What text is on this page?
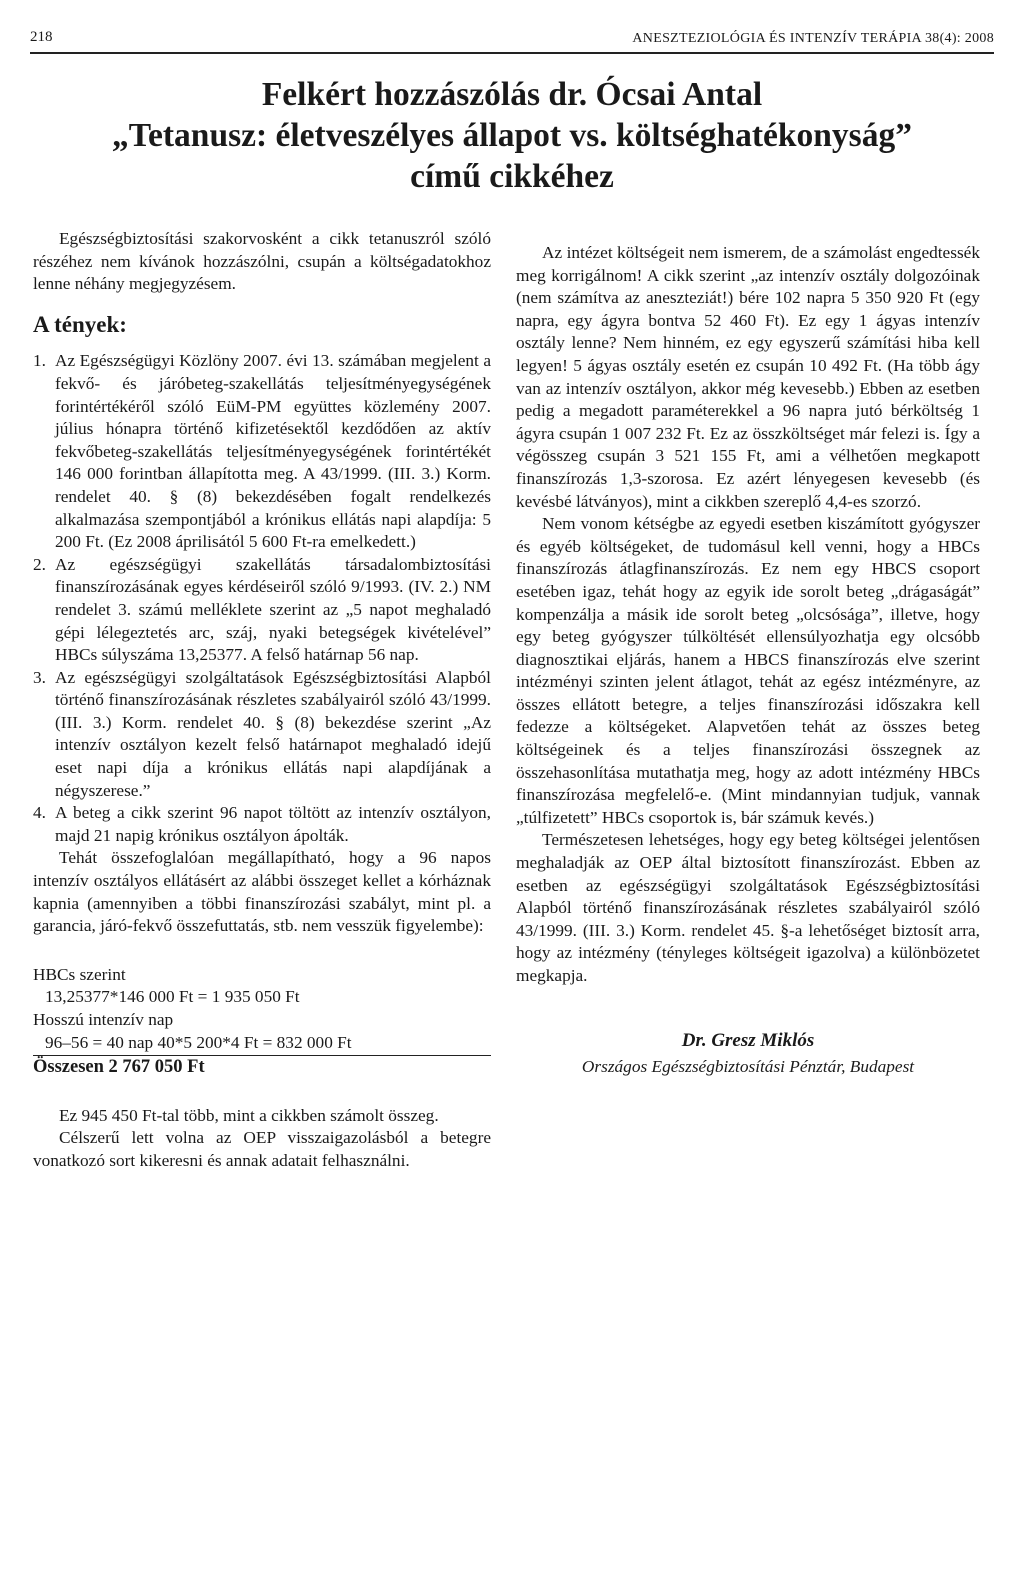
218	ANESZTEZIOLÓGIA ÉS INTENZÍV TERÁPIA 38(4): 2008
Felkért hozzászólás dr. Ócsai Antal
„Tetanusz: életveszélyes állapot vs. költséghatékonyság”
című cikkéhez

Egészségbiztosítási szakorvosként a cikk tetanuszról szóló részéhez nem kívánok hozzászólni, csupán a költségadatokhoz lenne néhány megjegyzésem.

A tények:
1. Az Egészségügyi Közlöny 2007. évi 13. számában megjelent a fekvő- és járóbeteg-szakellátás teljesítményegységének forintértékéről szóló EüM-PM együttes közlemény 2007. július hónapra történő kifizetésektől kezdődően az aktív fekvőbeteg-szakellátás teljesítményegységének forintértékét 146 000 forintban állapította meg. A 43/1999. (III. 3.) Korm. rendelet 40. § (8) bekezdésében fogalt rendelkezés alkalmazása szempontjából a krónikus ellátás napi alapdíja: 5 200 Ft. (Ez 2008 áprilisától 5 600 Ft-ra emelkedett.)
2. Az egészségügyi szakellátás társadalombiztosítási finanszírozásának egyes kérdéseiről szóló 9/1993. (IV. 2.) NM rendelet 3. számú melléklete szerint az „5 napot meghaladó gépi lélegeztetés arc, száj, nyaki betegségek kivételével” HBCs súlyszáma 13,25377. A felső határnap 56 nap.
3. Az egészségügyi szolgáltatások Egészségbiztosítási Alapból történő finanszírozásának részletes szabályairól szóló 43/1999. (III. 3.) Korm. rendelet 40. § (8) bekezdése szerint „Az intenzív osztályon kezelt felső határnapot meghaladó idejű eset napi díja a krónikus ellátás napi alapdíjának a négyszerese.”
4. A beteg a cikk szerint 96 napot töltött az intenzív osztályon, majd 21 napig krónikus osztályon ápolták.

Tehát összefoglalóan megállapítható, hogy a 96 napos intenzív osztályos ellátásért az alábbi összeget kellet a kórháznak kapnia (amennyiben a többi finanszírozási szabályt, mint pl. a garancia, járó-fekvő összefuttatás, stb. nem vesszük figyelembe):

HBCs szerint
13,25377*146 000 Ft = 1 935 050 Ft
Hosszú intenzív nap
96–56 = 40 nap 40*5 200*4 Ft = 832 000 Ft
Összesen 2 767 050 Ft

Ez 945 450 Ft-tal több, mint a cikkben számolt összeg.

Célszerű lett volna az OEP visszaigazolásból a betegre vonatkozó sort kikeresni és annak adatait felhasználni.

Az intézet költségeit nem ismerem, de a számolást engedtessék meg korrigálnom! A cikk szerint „az intenzív osztály dolgozóinak (nem számítva az aneszteziát!) bére 102 napra 5 350 920 Ft (egy napra, egy ágyra bontva 52 460 Ft). Ez egy 1 ágyas intenzív osztály lenne? Nem hinném, ez egy egyszerű számítási hiba kell legyen! 5 ágyas osztály esetén ez csupán 10 492 Ft. (Ha több ágy van az intenzív osztályon, akkor még kevesebb.) Ebben az esetben pedig a megadott paraméterekkel a 96 napra jutó bérköltség 1 ágyra csupán 1 007 232 Ft. Ez az összköltséget már felezi is. Így a végösszeg csupán 3 521 155 Ft, ami a vélhetően megkapott finanszírozás 1,3-szorosa. Ez azért lényegesen kevesebb (és kevésbé látványos), mint a cikkben szereplő 4,4-es szorzó.

Nem vonom kétségbe az egyedi esetben kiszámított gyógyszer és egyéb költségeket, de tudomásul kell venni, hogy a HBCs finanszírozás átlagfinanszírozás. Ez nem egy HBCS csoport esetében igaz, tehát hogy az egyik ide sorolt beteg „drágaságát” kompenzálja a másik ide sorolt beteg „olcsósága”, illetve, hogy egy beteg gyógyszer túlköltését ellensúlyozhatja egy olcsóbb diagnosztikai eljárás, hanem a HBCS finanszírozás elve szerint intézményi szinten jelent átlagot, tehát az egész intézményre, az összes ellátott betegre, a teljes finanszírozási időszakra kell fedezze a költségeket. Alapvetően tehát az összes beteg költségeinek és a teljes finanszírozási összegnek az összehasonlítása mutathatja meg, hogy az adott intézmény HBCs finanszírozása megfelelő-e. (Mint mindannyian tudjuk, vannak „túlfizetett” HBCs csoportok is, bár számuk kevés.)

Természetesen lehetséges, hogy egy beteg költségei jelentősen meghaladják az OEP által biztosított finanszírozást. Ebben az esetben az egészségügyi szolgáltatások Egészségbiztosítási Alapból történő finanszírozásának részletes szabályairól szóló 43/1999. (III. 3.) Korm. rendelet 45. §-a lehetőséget biztosít arra, hogy az intézmény (tényleges költségeit igazolva) a különbözetet megkapja.

Dr. Gresz Miklós
Országos Egészségbiztosítási Pénztár, Budapest
